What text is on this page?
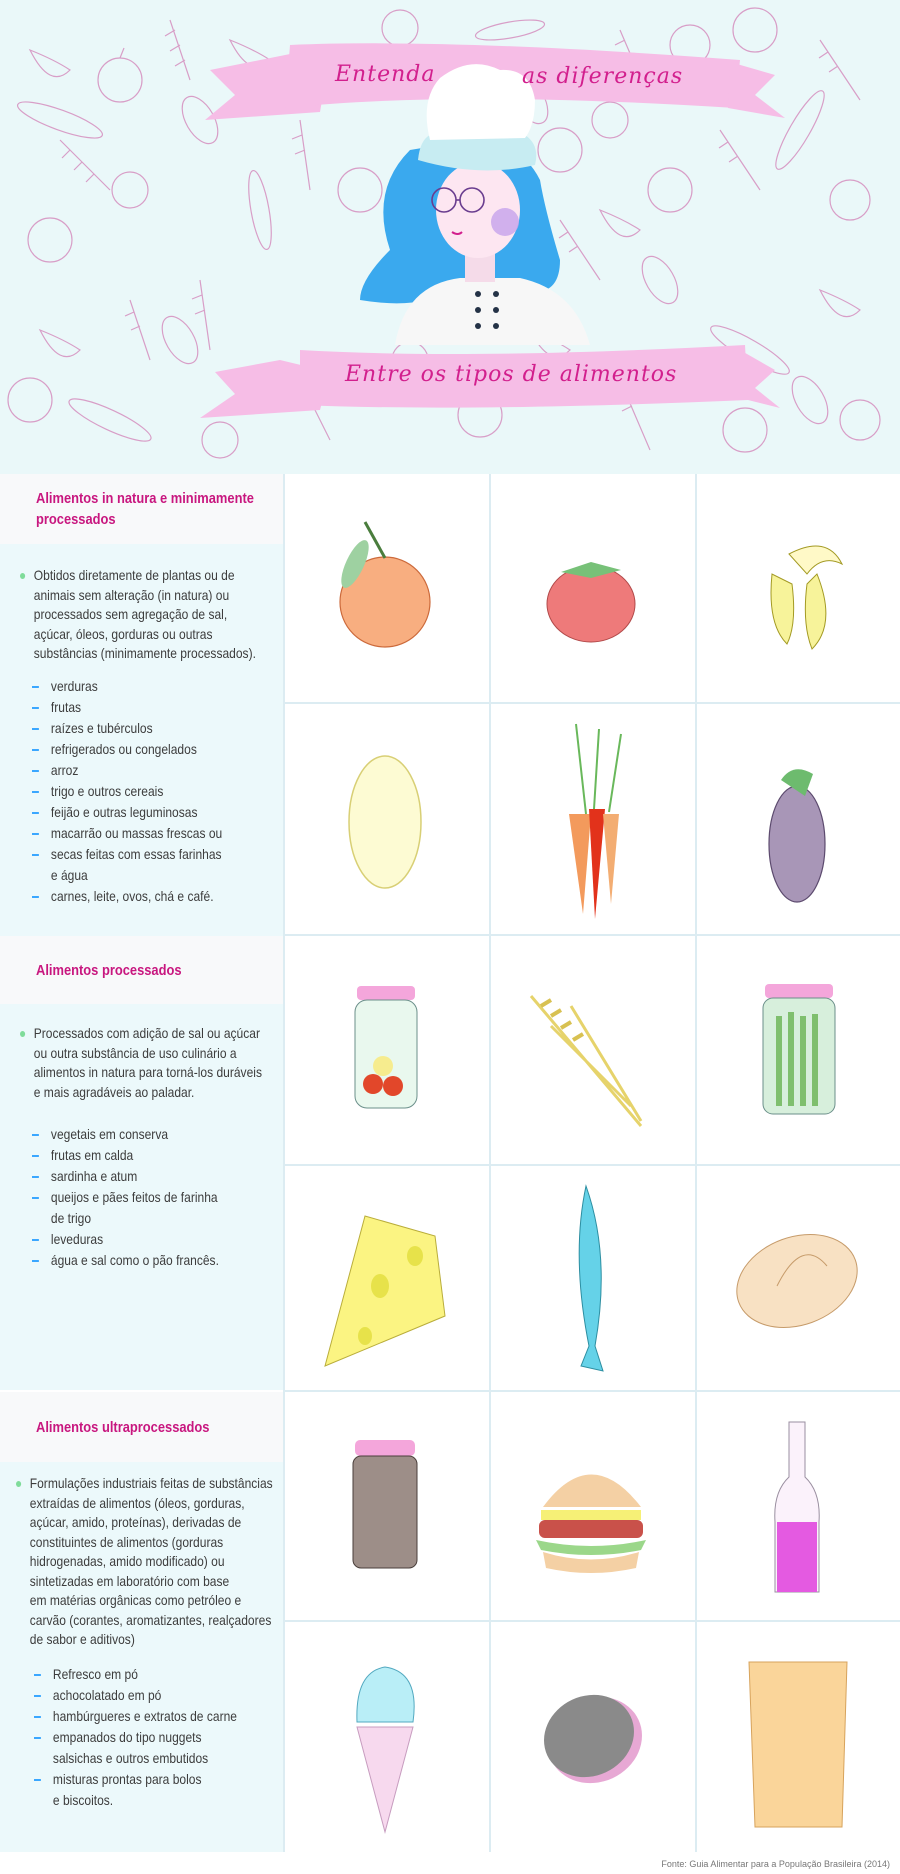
Entenda	as diferenças
Entre os tipos de alimentos
Alimentos in natura e minimamente
processados
Obtidos diretamente de plantas ou de
animais sem alteração (in natura) ou
processados sem agregação de sal,
açúcar, óleos, gorduras ou outras
substâncias (minimamente processados).
verduras
frutas
raízes e tubérculos
refrigerados ou congelados
arroz
trigo e outros cereais
feijão e outras leguminosas
macarrão ou massas frescas ou
secas feitas com essas farinhas
e água
carnes, leite, ovos, chá e café.
Alimentos processados
Processados com adição de sal ou açúcar
ou outra substância de uso culinário a
alimentos in natura para torná-los duráveis
e mais agradáveis ao paladar.
vegetais em conserva
frutas em calda
sardinha e atum
queijos e pães feitos de farinha
de trigo
leveduras
água e sal como o pão francês.
Alimentos ultraprocessados
Formulações industriais feitas de substâncias
extraídas de alimentos (óleos, gorduras,
açúcar, amido, proteínas), derivadas de
constituintes de alimentos (gorduras
hidrogenadas, amido modificado) ou
sintetizadas em laboratório com base
em matérias orgânicas como petróleo e
carvão (corantes, aromatizantes, realçadores
de sabor e aditivos)
Refresco em pó
achocolatado em pó
hambúrgueres e extratos de carne
empanados do tipo nuggets
salsichas e outros embutidos
misturas prontas para bolos
e biscoitos.
Fonte: Guia Alimentar para a População Brasileira (2014)
